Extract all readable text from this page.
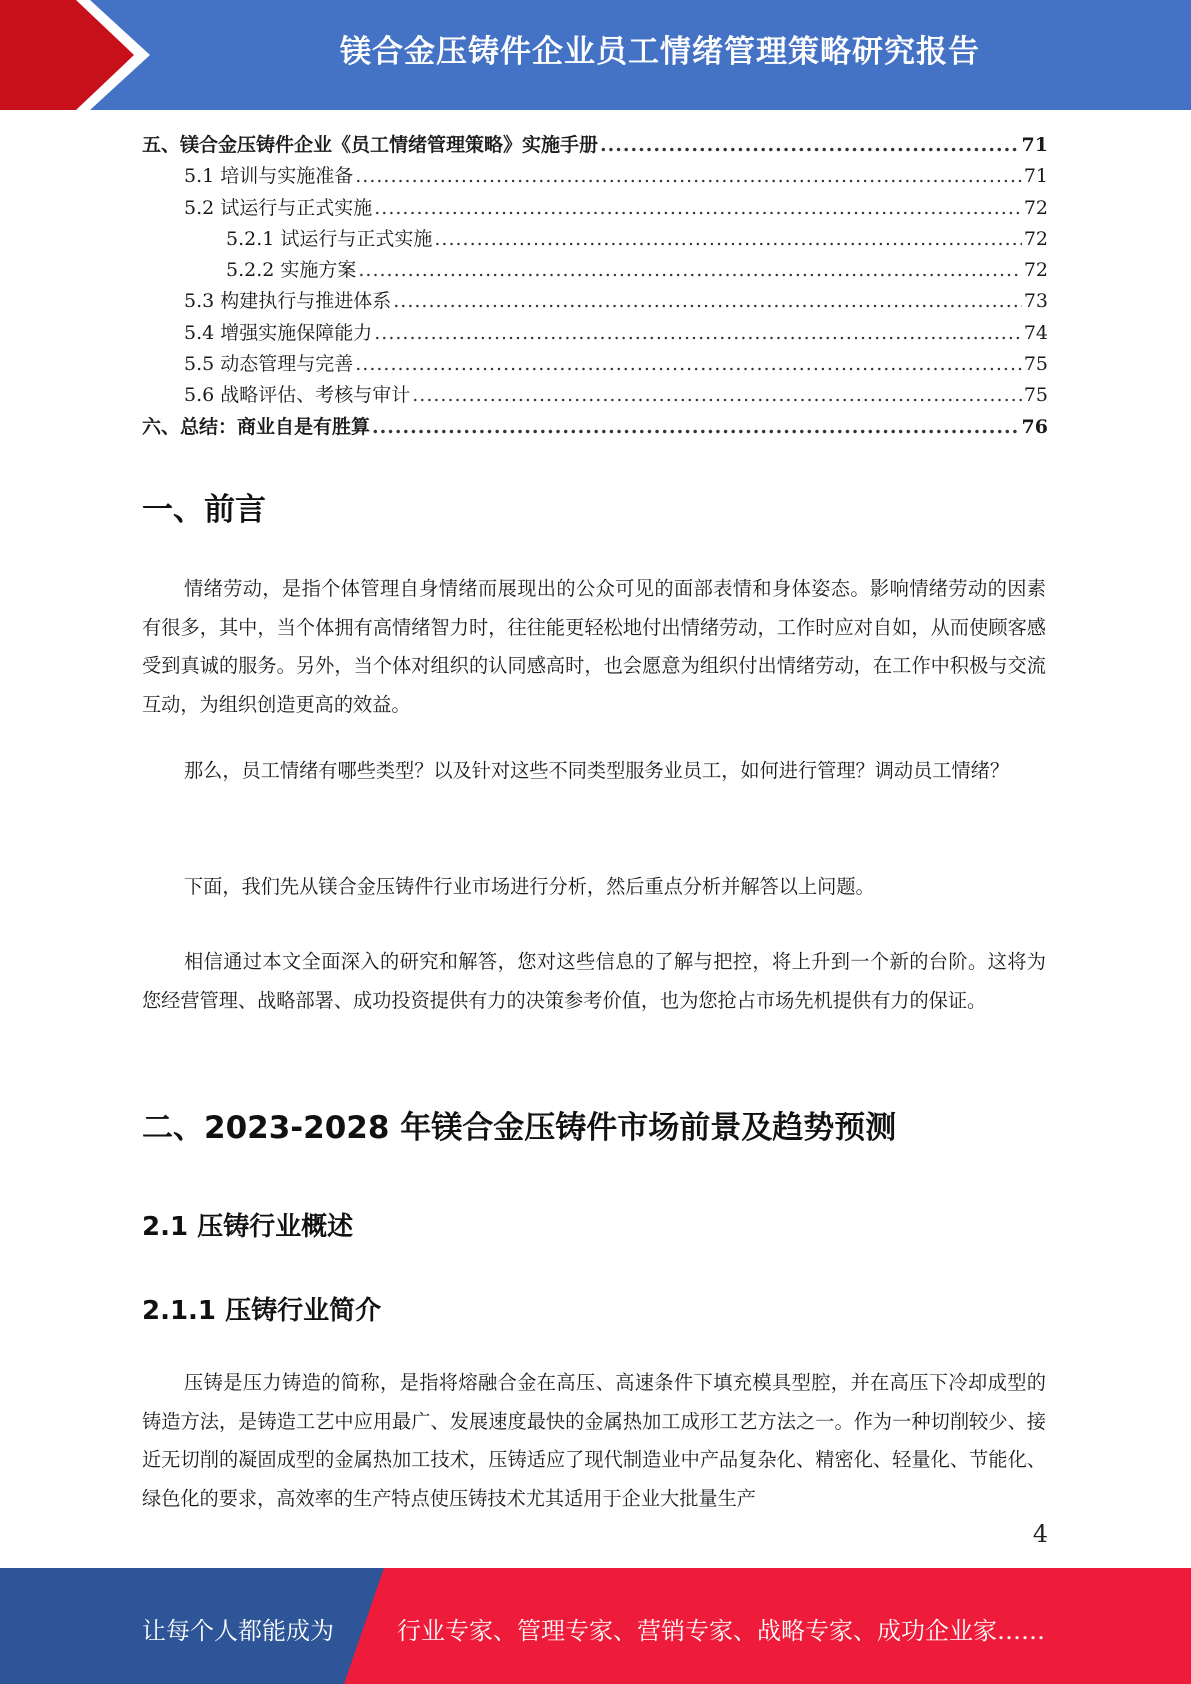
镁合金压铸件企业员工情绪管理策略研究报告
五、镁合金压铸件企业《员工情绪管理策略》实施手册 .....	71
5.1 培训与实施准备 .....	71
5.2 试运行与正式实施 .....	72
5.2.1 试运行与正式实施 .....	72
5.2.2 实施方案 .....	72
5.3 构建执行与推进体系 .....	73
5.4 增强实施保障能力 .....	74
5.5 动态管理与完善 .....	75
5.6 战略评估、考核与审计 .....	75
六、总结：商业自是有胜算 .....	76
一、前言

情绪劳动，是指个体管理自身情绪而展现出的公众可见的面部表情和身体姿态。影响情绪劳动的因素有很多，其中，当个体拥有高情绪智力时，往往能更轻松地付出情绪劳动，工作时应对自如，从而使顾客感受到真诚的服务。另外，当个体对组织的认同感高时，也会愿意为组织付出情绪劳动，在工作中积极与交流互动，为组织创造更高的效益。

那么，员工情绪有哪些类型？以及针对这些不同类型服务业员工，如何进行管理？调动员工情绪？

下面，我们先从镁合金压铸件行业市场进行分析，然后重点分析并解答以上问题。

相信通过本文全面深入的研究和解答，您对这些信息的了解与把控，将上升到一个新的台阶。这将为您经营管理、战略部署、成功投资提供有力的决策参考价值，也为您抢占市场先机提供有力的保证。

二、2023-2028 年镁合金压铸件市场前景及趋势预测
2.1 压铸行业概述
2.1.1 压铸行业简介

压铸是压力铸造的简称，是指将熔融合金在高压、高速条件下填充模具型腔，并在高压下冷却成型的铸造方法，是铸造工艺中应用最广、发展速度最快的金属热加工成形工艺方法之一。作为一种切削较少、接近无切削的凝固成型的金属热加工技术，压铸适应了现代制造业中产品复杂化、精密化、轻量化、节能化、绿色化的要求，高效率的生产特点使压铸技术尤其适用于企业大批量生产

4
让每个人都能成为	行业专家、管理专家、营销专家、战略专家、成功企业家……
